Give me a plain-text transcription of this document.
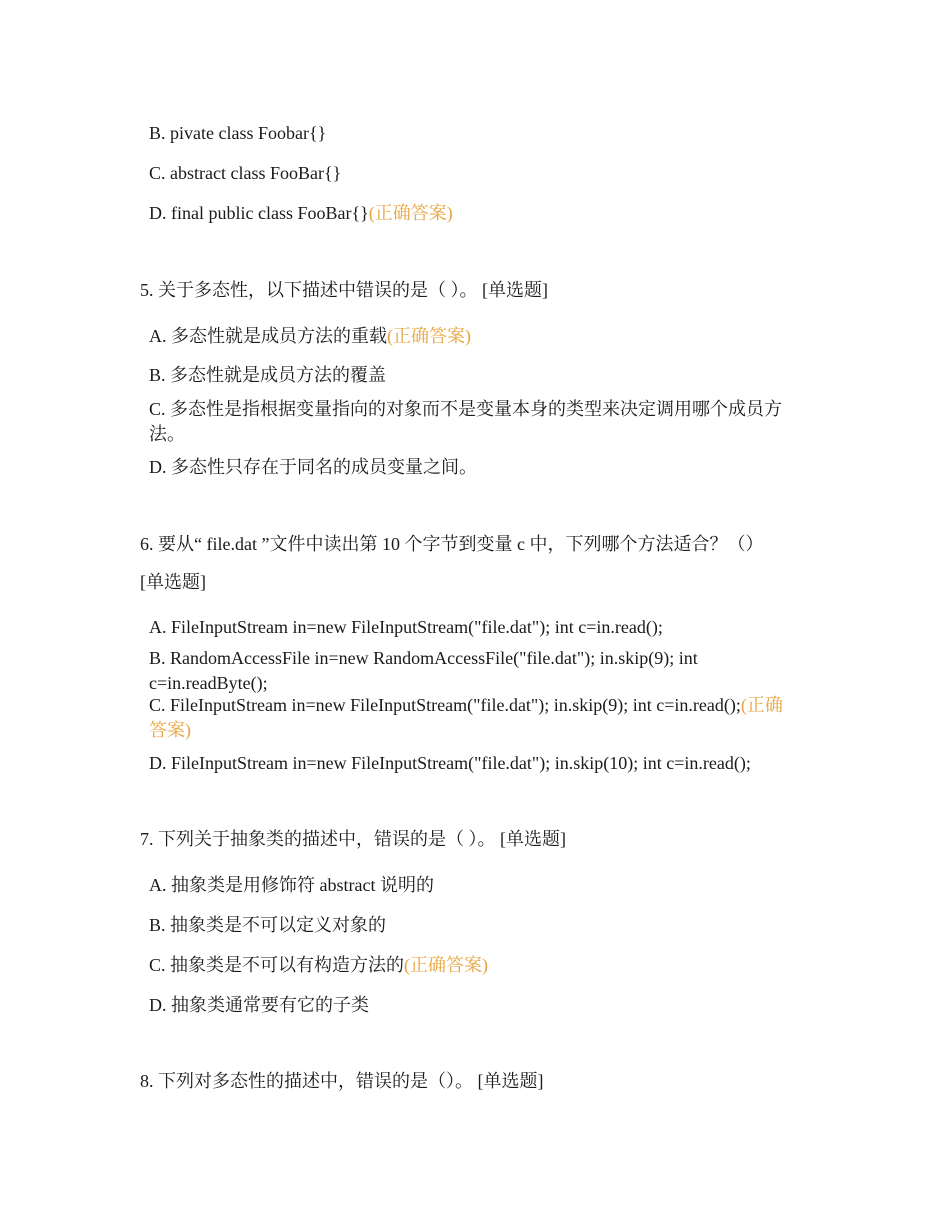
B. pivate class Foobar{}
C. abstract class FooBar{}
D. final public class FooBar{}(正确答案)
5. 关于多态性，以下描述中错误的是（ ）。 [单选题]
A. 多态性就是成员方法的重载(正确答案)
B. 多态性就是成员方法的覆盖
C. 多态性是指根据变量指向的对象而不是变量本身的类型来决定调用哪个成员方法。
D. 多态性只存在于同名的成员变量之间。
6. 要从“ file.dat ”文件中读出第 10 个字节到变量 c 中，下列哪个方法适合？（）
[单选题]
A. FileInputStream in=new FileInputStream("file.dat"); int c=in.read();
B. RandomAccessFile in=new RandomAccessFile("file.dat"); in.skip(9); int c=in.readByte();
C. FileInputStream in=new FileInputStream("file.dat"); in.skip(9); int c=in.read();(正确答案)
D. FileInputStream in=new FileInputStream("file.dat"); in.skip(10); int c=in.read();
7. 下列关于抽象类的描述中，错误的是（ ）。 [单选题]
A. 抽象类是用修饰符 abstract 说明的
B. 抽象类是不可以定义对象的
C. 抽象类是不可以有构造方法的(正确答案)
D. 抽象类通常要有它的子类
8. 下列对多态性的描述中，错误的是（）。 [单选题]
